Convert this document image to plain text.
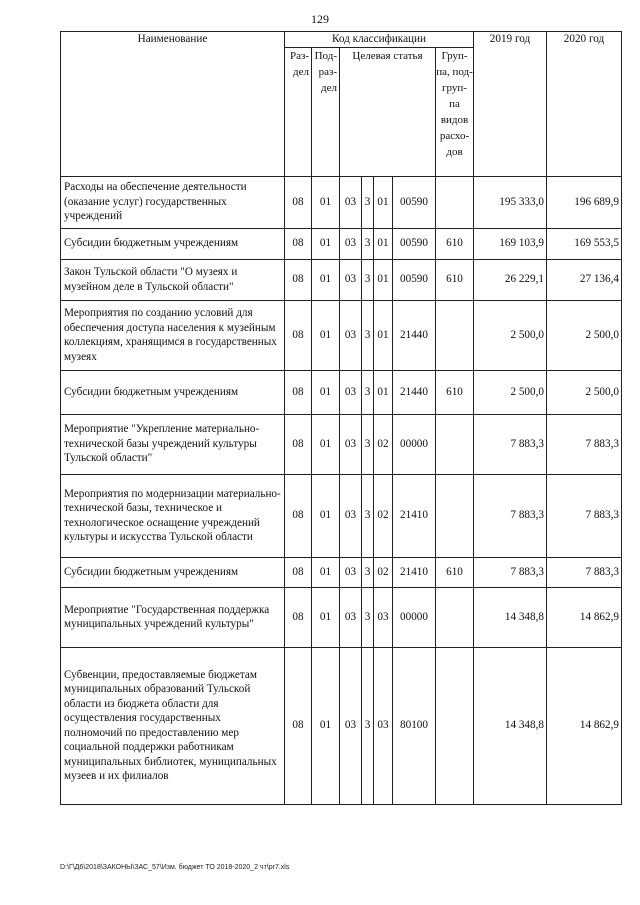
129
Наименование	Код классификации							2019 год	2020 год
	Раз- дел	Под- раз- дел	Целевая статья				Груп- па, под- груп- па видов расхо- дов		
Расходы на обеспечение деятельности (оказание услуг) государственных учреждений	08	01	03	3	01	00590		195 333,0	196 689,9
Субсидии бюджетным учреждениям	08	01	03	3	01	00590	610	169 103,9	169 553,5
Закон Тульской области "О музеях и музейном деле в Тульской области"	08	01	03	3	01	00590	610	26 229,1	27 136,4
Мероприятия по созданию условий для обеспечения доступа населения к музейным коллекциям, хранящимся в государственных музеях	08	01	03	3	01	21440		2 500,0	2 500,0
Субсидии бюджетным учреждениям	08	01	03	3	01	21440	610	2 500,0	2 500,0
Мероприятие "Укрепление материально-технической базы учреждений культуры Тульской области"	08	01	03	3	02	00000		7 883,3	7 883,3
Мероприятия по модернизации материально-технической базы, техническое и технологическое оснащение учреждений культуры и искусства Тульской области	08	01	03	3	02	21410		7 883,3	7 883,3
Субсидии бюджетным учреждениям	08	01	03	3	02	21410	610	7 883,3	7 883,3
Мероприятие "Государственная поддержка муниципальных учреждений культуры"	08	01	03	3	03	00000		14 348,8	14 862,9
Субвенции, предоставляемые бюджетам муниципальных образований Тульской области из бюджета области для осуществления государственных полномочий по предоставлению мер социальной поддержки работникам муниципальных библиотек, муниципальных музеев и их филиалов	08	01	03	3	03	80100		14 348,8	14 862,9
D:\Г\Д6\2018\ЗАКОНЫ\ЗАС_57\Изм. бюджет ТО 2018-2020_2 чт\pr7.xls
